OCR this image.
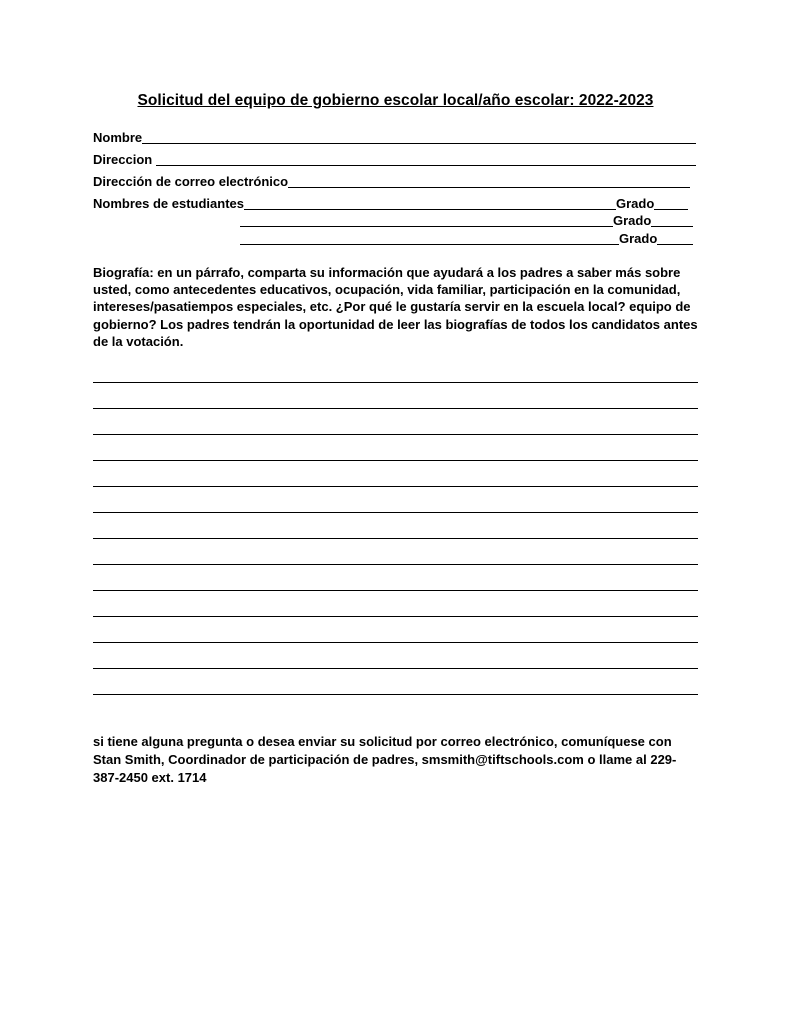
Solicitud del equipo de gobierno escolar local/año escolar: 2022-2023
Nombre
Direccion
Dirección de correo electrónico
Nombres de estudiantes	Grado
Grado
Grado
Biografía: en un párrafo, comparta su información que ayudará a los padres a saber más sobre usted, como antecedentes educativos, ocupación, vida familiar, participación en la comunidad, intereses/pasatiempos especiales, etc. ¿Por qué le gustaría servir en la escuela local? equipo de gobierno? Los padres tendrán la oportunidad de leer las biografías de todos los candidatos antes de la votación.
si tiene alguna pregunta o desea enviar su solicitud por correo electrónico, comuníquese con Stan Smith, Coordinador de participación de padres, smsmith@tiftschools.com o llame al 229-387-2450 ext. 1714
